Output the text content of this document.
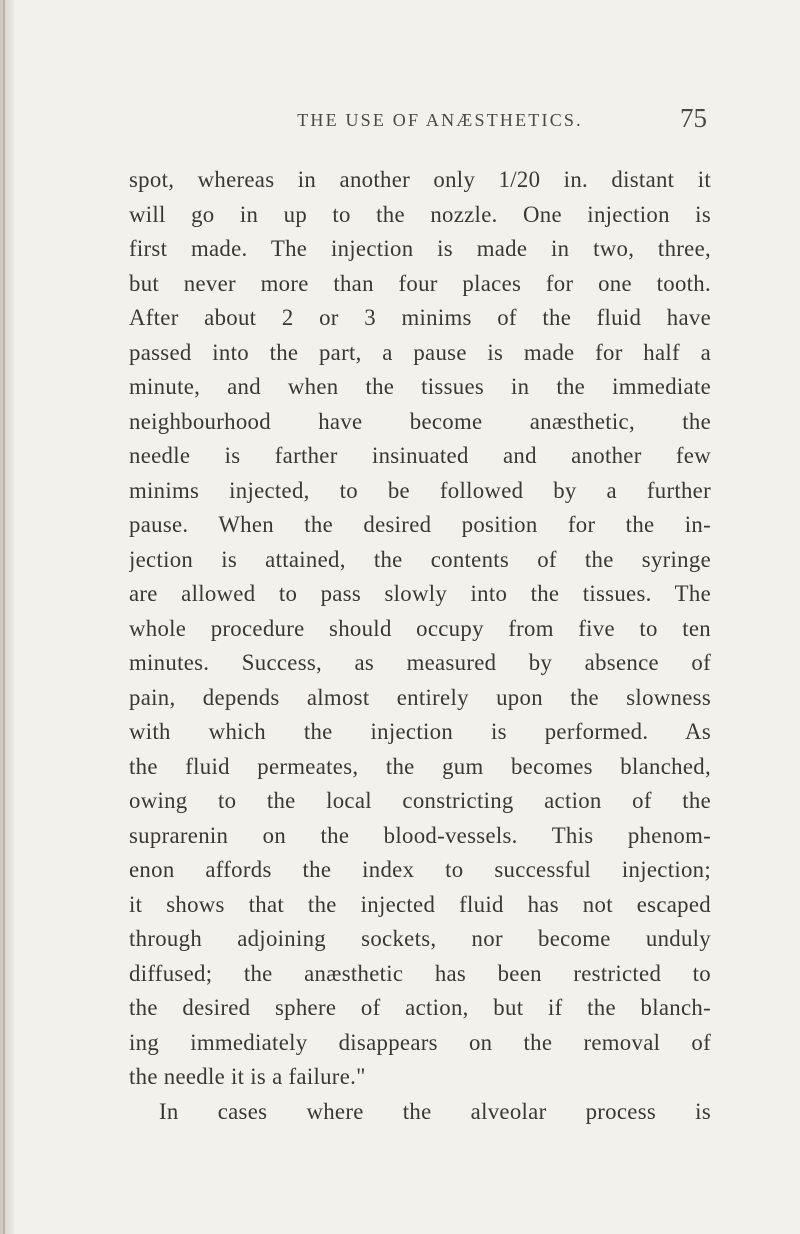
THE USE OF ANÆSTHETICS.	75
spot, whereas in another only 1/20 in. distant it
will go in up to the nozzle. One injection is
first made. The injection is made in two, three,
but never more than four places for one tooth.
After about 2 or 3 minims of the fluid have
passed into the part, a pause is made for half a
minute, and when the tissues in the immediate
neighbourhood have become anæsthetic, the
needle is farther insinuated and another few
minims injected, to be followed by a further
pause. When the desired position for the in-
jection is attained, the contents of the syringe
are allowed to pass slowly into the tissues. The
whole procedure should occupy from five to ten
minutes. Success, as measured by absence of
pain, depends almost entirely upon the slowness
with which the injection is performed. As
the fluid permeates, the gum becomes blanched,
owing to the local constricting action of the
suprarenin on the blood-vessels. This phenom-
enon affords the index to successful injection;
it shows that the injected fluid has not escaped
through adjoining sockets, nor become unduly
diffused; the anæsthetic has been restricted to
the desired sphere of action, but if the blanch-
ing immediately disappears on the removal of
the needle it is a failure."
In cases where the alveolar process is
